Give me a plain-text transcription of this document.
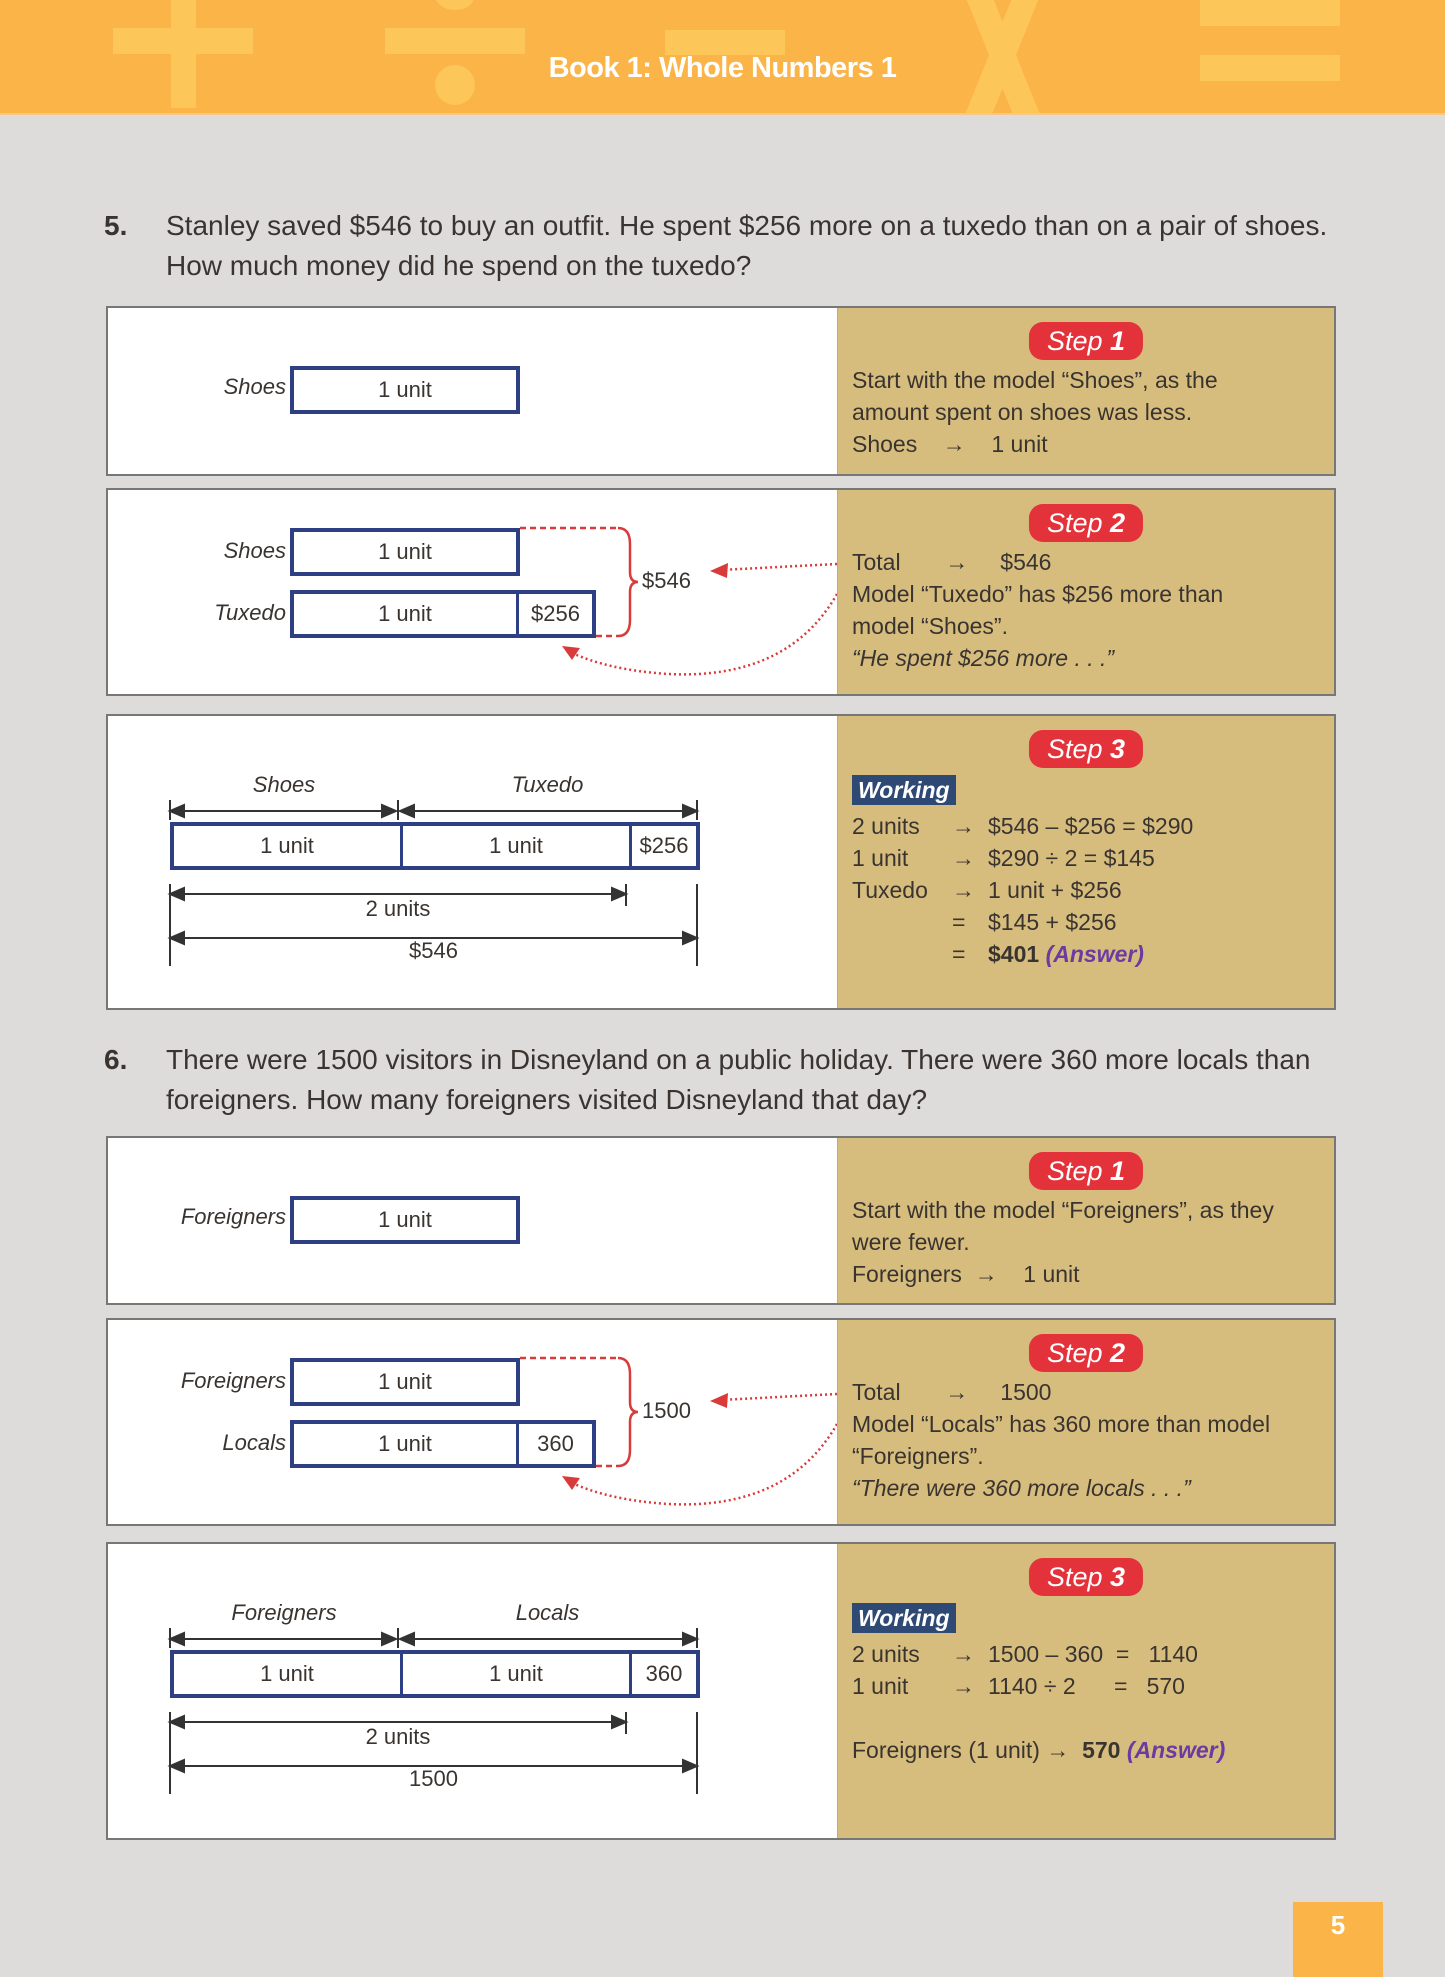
Book 1: Whole Numbers 1
5. Stanley saved $546 to buy an outfit. He spent $256 more on a tuxedo than on a pair of shoes. How much money did he spend on the tuxedo?
Shoes	1 unit
Step 1
Start with the model “Shoes”, as the
amount spent on shoes was less.
Shoes → 1 unit
Shoes	1 unit
Tuxedo	1 unit	$256
$546
Step 2
Total → $546
Model “Tuxedo” has $256 more than
model “Shoes”.
“He spent $256 more . . .”
Shoes	Tuxedo
1 unit	1 unit	$256
2 units
$546
Step 3
Working
2 units → $546 – $256 = $290
1 unit → $290 ÷ 2 = $145
Tuxedo → 1 unit + $256
= $145 + $256
= $401 (Answer)
6. There were 1500 visitors in Disneyland on a public holiday. There were 360 more locals than foreigners. How many foreigners visited Disneyland that day?
Foreigners	1 unit
Step 1
Start with the model “Foreigners”, as they
were fewer.
Foreigners → 1 unit
Foreigners	1 unit
Locals	1 unit	360
1500
Step 2
Total → 1500
Model “Locals” has 360 more than model
“Foreigners”.
“There were 360 more locals . . .”
Foreigners	Locals
1 unit	1 unit	360
2 units
1500
Step 3
Working
2 units → 1500 – 360  =   1140
1 unit → 1140 ÷ 2      =   570
Foreigners (1 unit) → 570 (Answer)
5
